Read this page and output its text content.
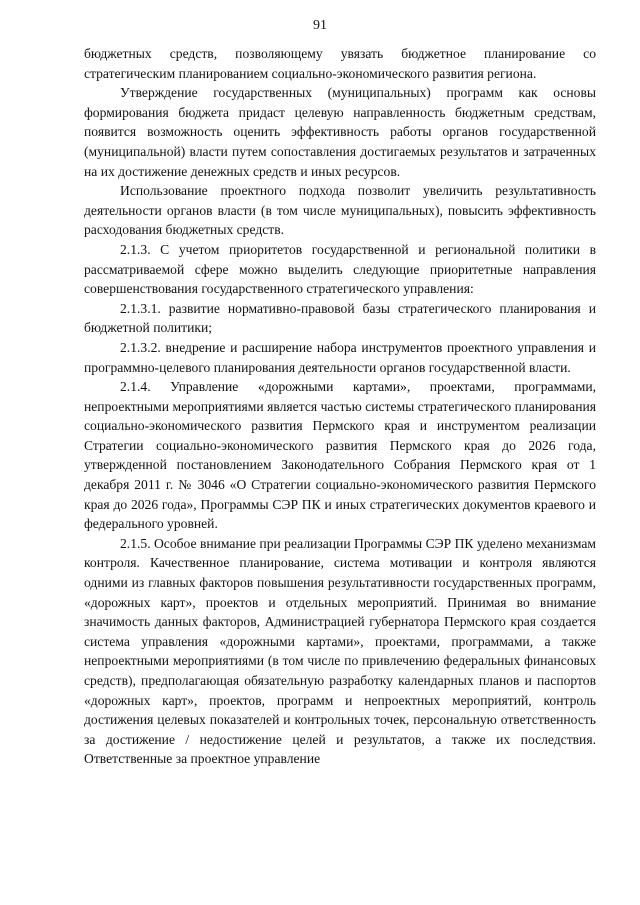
91

бюджетных средств, позволяющему увязать бюджетное планирование со стратегическим планированием социально-экономического развития региона.

Утверждение государственных (муниципальных) программ как основы формирования бюджета придаст целевую направленность бюджетным средствам, появится возможность оценить эффективность работы органов государственной (муниципальной) власти путем сопоставления достигаемых результатов и затраченных на их достижение денежных средств и иных ресурсов.

Использование проектного подхода позволит увеличить результативность деятельности органов власти (в том числе муниципальных), повысить эффективность расходования бюджетных средств.

2.1.3. С учетом приоритетов государственной и региональной политики в рассматриваемой сфере можно выделить следующие приоритетные направления совершенствования государственного стратегического управления:

2.1.3.1. развитие нормативно-правовой базы стратегического планирования и бюджетной политики;

2.1.3.2. внедрение и расширение набора инструментов проектного управления и программно-целевого планирования деятельности органов государственной власти.

2.1.4. Управление «дорожными картами», проектами, программами, непроектными мероприятиями является частью системы стратегического планирования социально-экономического развития Пермского края и инструментом реализации Стратегии социально-экономического развития Пермского края до 2026 года, утвержденной постановлением Законодательного Собрания Пермского края от 1 декабря 2011 г. № 3046 «О Стратегии социально-экономического развития Пермского края до 2026 года», Программы СЭР ПК и иных стратегических документов краевого и федерального уровней.

2.1.5. Особое внимание при реализации Программы СЭР ПК уделено механизмам контроля. Качественное планирование, система мотивации и контроля являются одними из главных факторов повышения результативности государственных программ, «дорожных карт», проектов и отдельных мероприятий. Принимая во внимание значимость данных факторов, Администрацией губернатора Пермского края создается система управления «дорожными картами», проектами, программами, а также непроектными мероприятиями (в том числе по привлечению федеральных финансовых средств), предполагающая обязательную разработку календарных планов и паспортов «дорожных карт», проектов, программ и непроектных мероприятий, контроль достижения целевых показателей и контрольных точек, персональную ответственность за достижение / недостижение целей и результатов, а также их последствия. Ответственные за проектное управление
